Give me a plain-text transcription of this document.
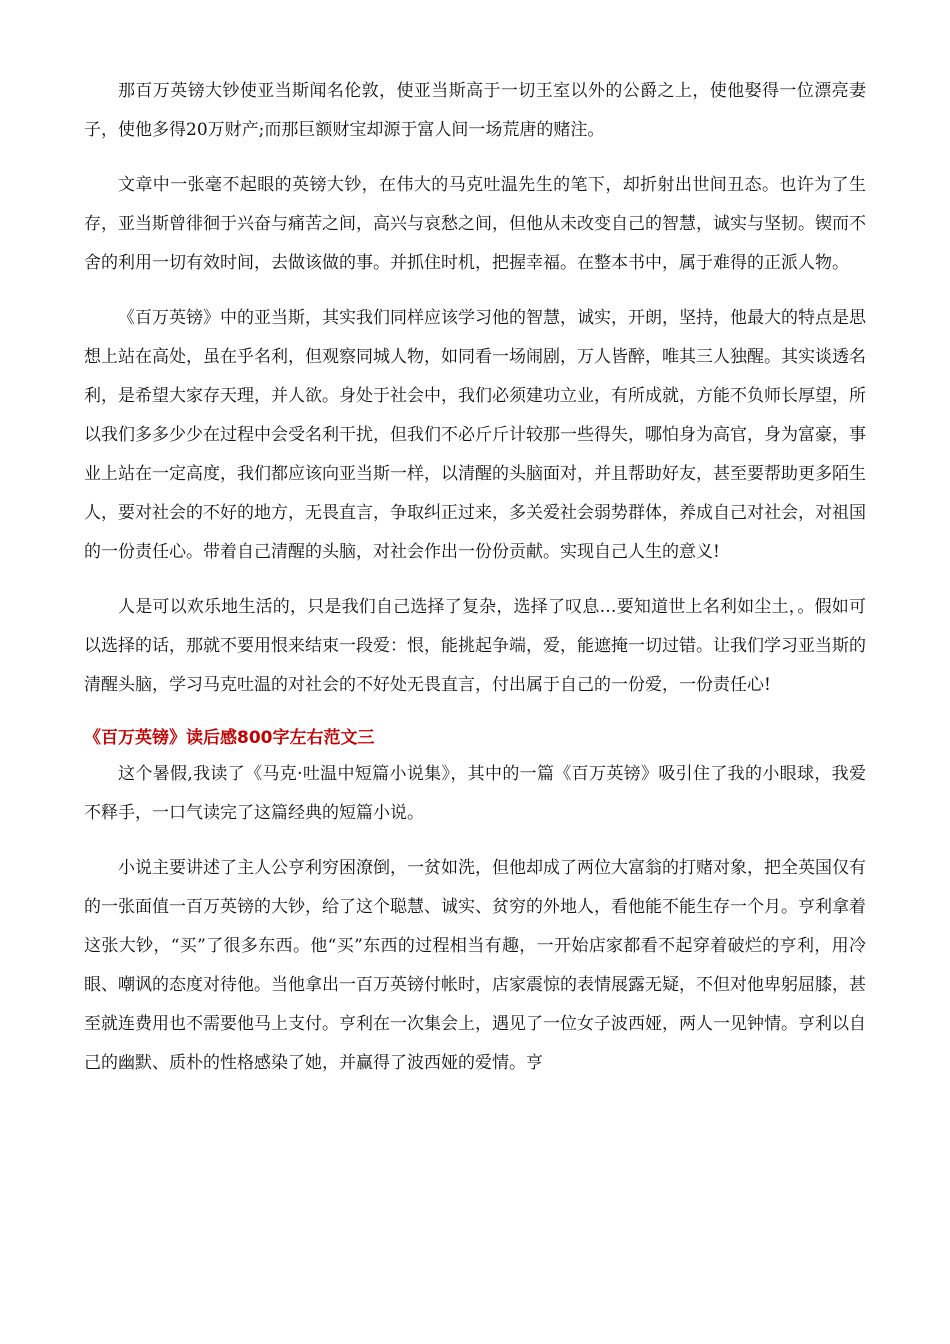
那百万英镑大钞使亚当斯闻名伦敦，使亚当斯高于一切王室以外的公爵之上，使他娶得一位漂亮妻子，使他多得20万财产;而那巨额财宝却源于富人间一场荒唐的赌注。

文章中一张毫不起眼的英镑大钞，在伟大的马克吐温先生的笔下，却折射出世间丑态。也许为了生存，亚当斯曾徘徊于兴奋与痛苦之间，高兴与哀愁之间，但他从未改变自己的智慧，诚实与坚韧。锲而不舍的利用一切有效时间，去做该做的事。并抓住时机，把握幸福。在整本书中，属于难得的正派人物。

《百万英镑》中的亚当斯，其实我们同样应该学习他的智慧，诚实，开朗，坚持，他最大的特点是思想上站在高处，虽在乎名利，但观察同城人物，如同看一场闹剧，万人皆醉，唯其三人独醒。其实谈透名利，是希望大家存天理，并人欲。身处于社会中，我们必须建功立业，有所成就，方能不负师长厚望，所以我们多多少少在过程中会受名利干扰，但我们不必斤斤计较那一些得失，哪怕身为高官，身为富豪，事业上站在一定高度，我们都应该向亚当斯一样，以清醒的头脑面对，并且帮助好友，甚至要帮助更多陌生人，要对社会的不好的地方，无畏直言，争取纠正过来，多关爱社会弱势群体，养成自己对社会，对祖国的一份责任心。带着自己清醒的头脑，对社会作出一份份贡献。实现自己人生的意义!

人是可以欢乐地生活的，只是我们自己选择了复杂，选择了叹息…要知道世上名利如尘土，。假如可以选择的话，那就不要用恨来结束一段爱：恨，能挑起争端，爱，能遮掩一切过错。让我们学习亚当斯的清醒头脑，学习马克吐温的对社会的不好处无畏直言，付出属于自己的一份爱，一份责任心!

《百万英镑》读后感800字左右范文三

这个暑假,我读了《马克·吐温中短篇小说集》，其中的一篇《百万英镑》吸引住了我的小眼球，我爱不释手，一口气读完了这篇经典的短篇小说。

小说主要讲述了主人公亨利穷困潦倒，一贫如洗，但他却成了两位大富翁的打赌对象，把全英国仅有的一张面值一百万英镑的大钞，给了这个聪慧、诚实、贫穷的外地人，看他能不能生存一个月。亨利拿着这张大钞，“买”了很多东西。他“买”东西的过程相当有趣，一开始店家都看不起穿着破烂的亨利，用冷眼、嘲讽的态度对待他。当他拿出一百万英镑付帐时，店家震惊的表情展露无疑，不但对他卑躬屈膝，甚至就连费用也不需要他马上支付。亨利在一次集会上，遇见了一位女子波西娅，两人一见钟情。亨利以自己的幽默、质朴的性格感染了她，并赢得了波西娅的爱情。亨
